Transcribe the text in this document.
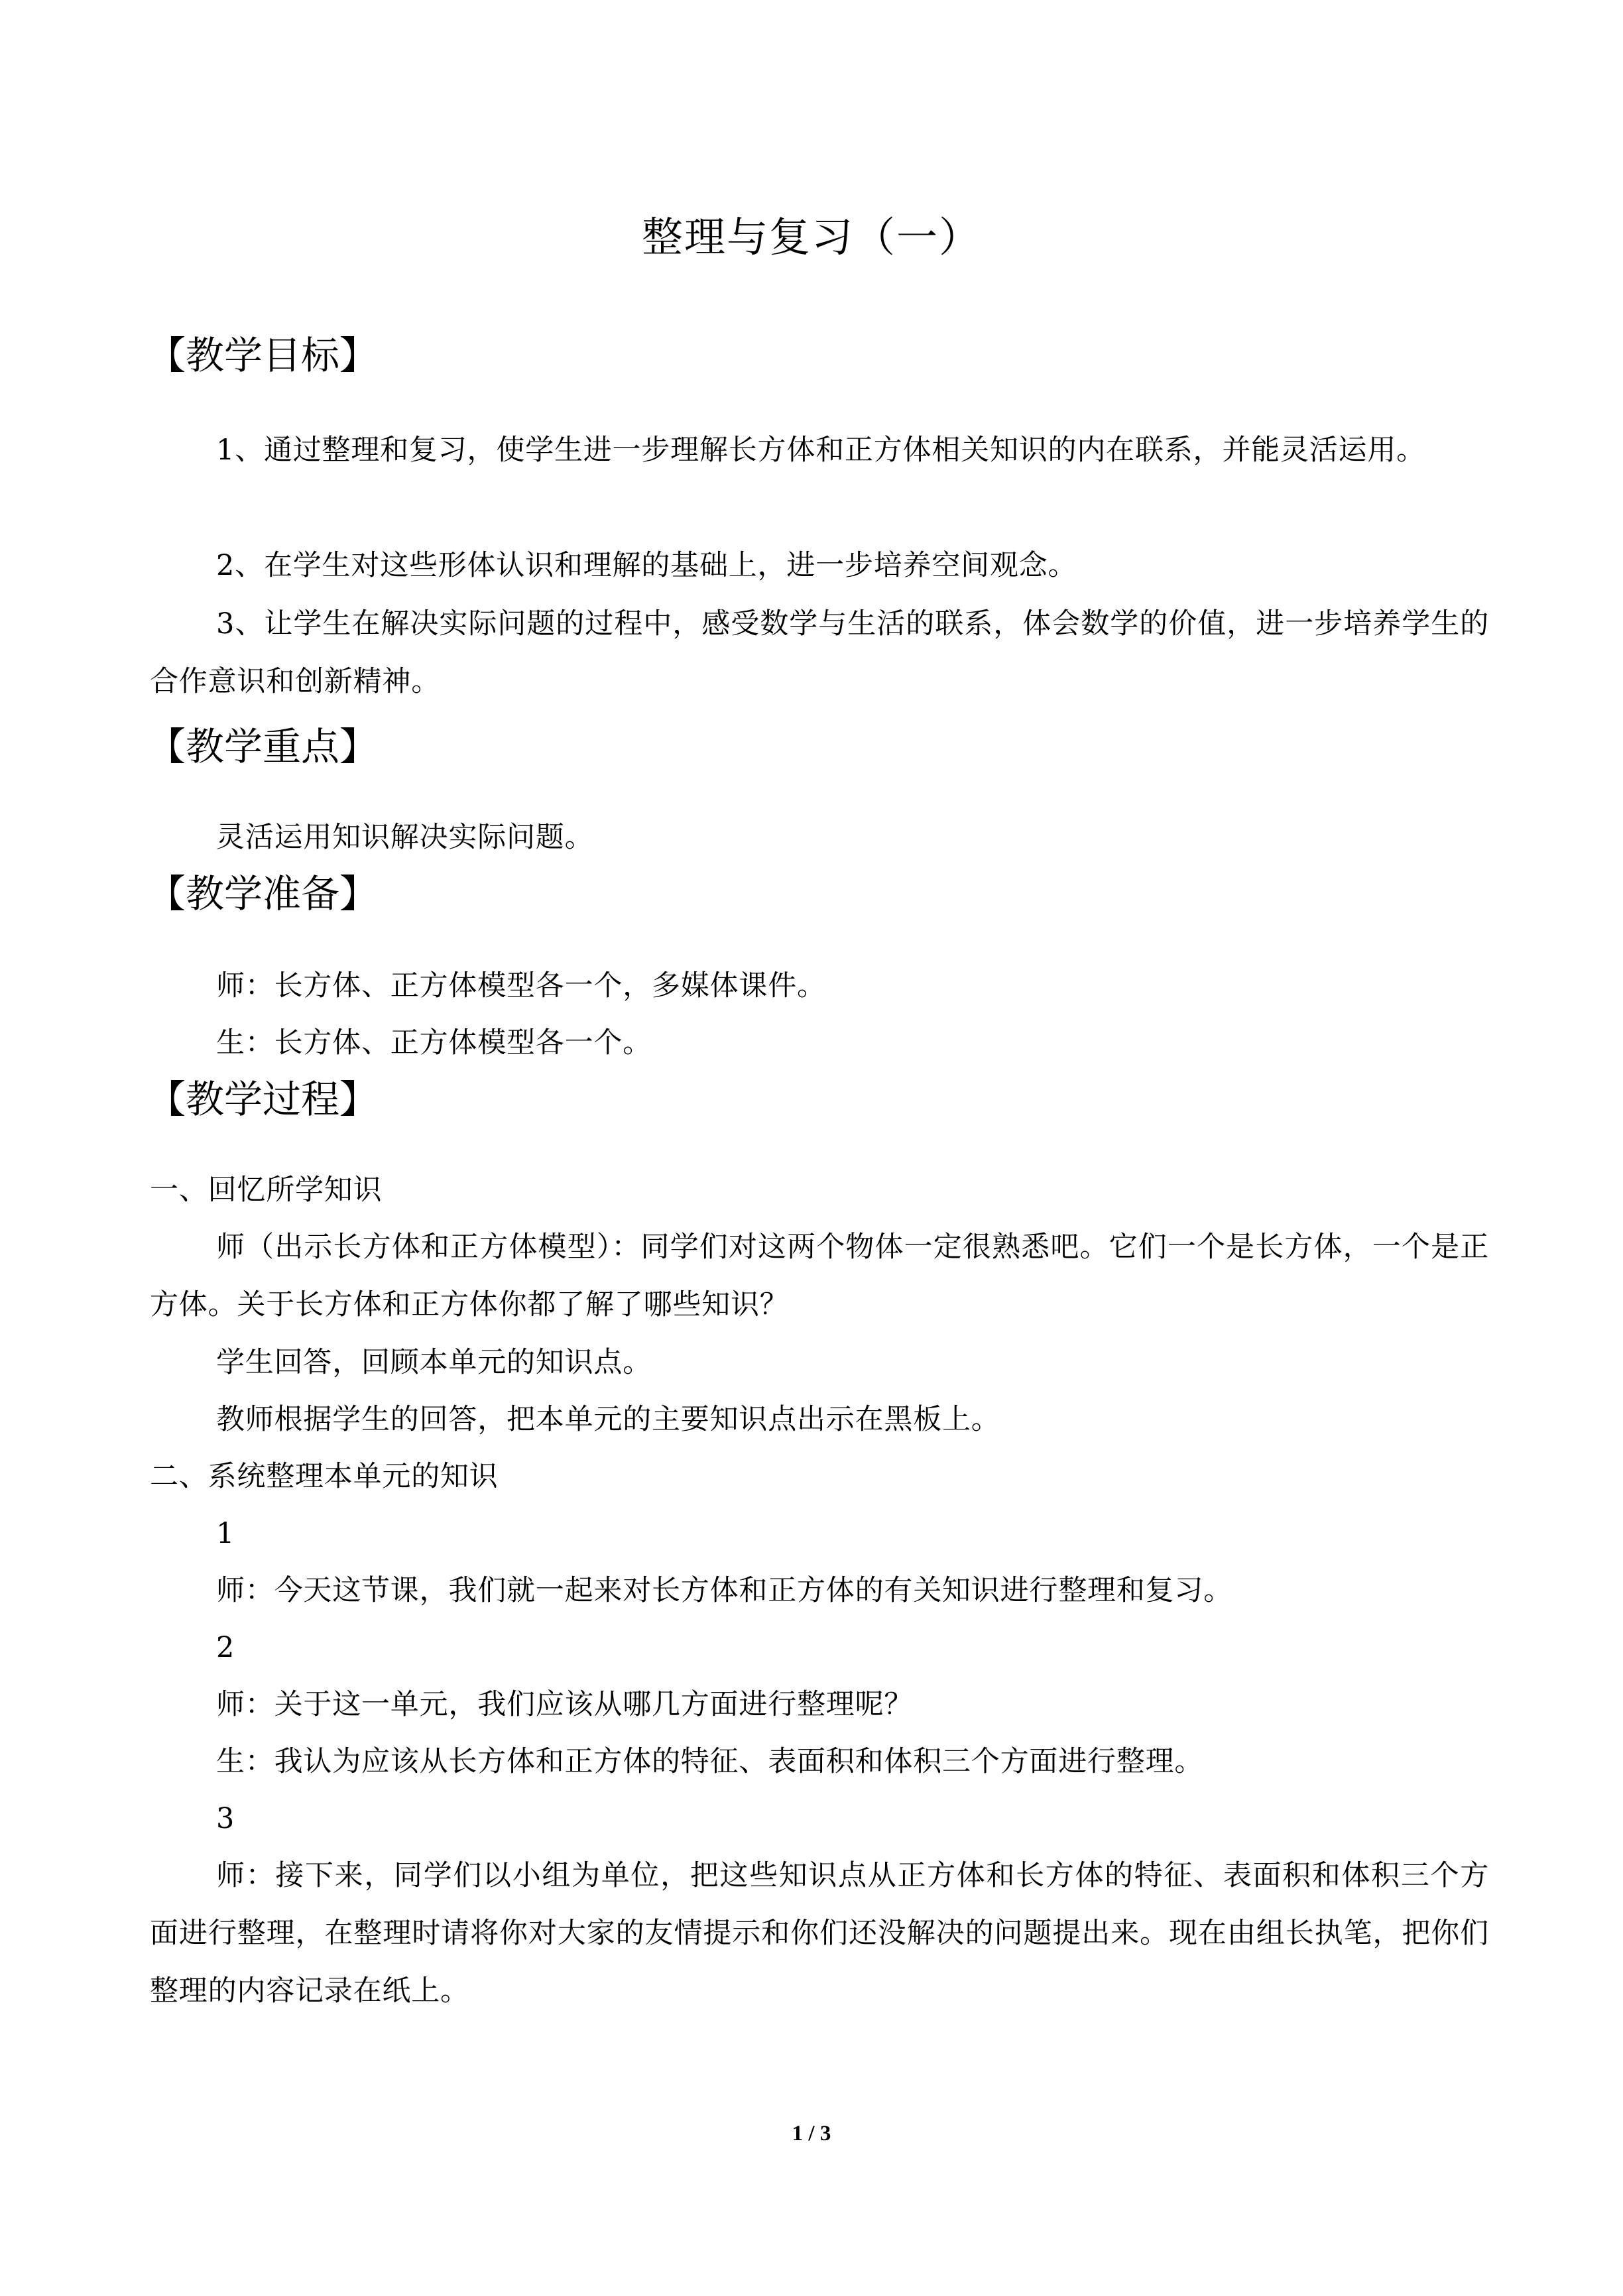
整理与复习（一）
【教学目标】
1、通过整理和复习，使学生进一步理解长方体和正方体相关知识的内在联系，并能灵活运用。
2、在学生对这些形体认识和理解的基础上，进一步培养空间观念。
3、让学生在解决实际问题的过程中，感受数学与生活的联系，体会数学的价值，进一步培养学生的合作意识和创新精神。
【教学重点】
灵活运用知识解决实际问题。
【教学准备】
师：长方体、正方体模型各一个，多媒体课件。
生：长方体、正方体模型各一个。
【教学过程】
一、回忆所学知识
师（出示长方体和正方体模型）：同学们对这两个物体一定很熟悉吧。它们一个是长方体，一个是正方体。关于长方体和正方体你都了解了哪些知识？
学生回答，回顾本单元的知识点。
教师根据学生的回答，把本单元的主要知识点出示在黑板上。
二、系统整理本单元的知识
1
师：今天这节课，我们就一起来对长方体和正方体的有关知识进行整理和复习。
2
师：关于这一单元，我们应该从哪几方面进行整理呢？
生：我认为应该从长方体和正方体的特征、表面积和体积三个方面进行整理。
3
师：接下来，同学们以小组为单位，把这些知识点从正方体和长方体的特征、表面积和体积三个方面进行整理，在整理时请将你对大家的友情提示和你们还没解决的问题提出来。现在由组长执笔，把你们整理的内容记录在纸上。
1 / 3
